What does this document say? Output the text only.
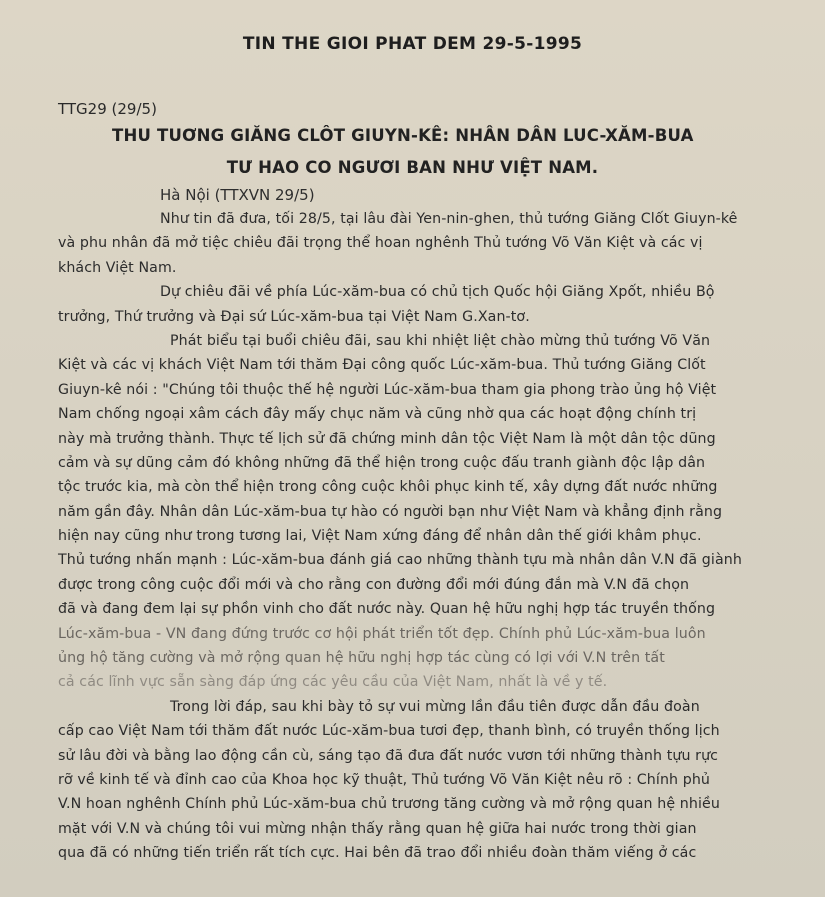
TIN THE GIOI PHAT DEM 29-5-1995
TTG29 (29/5)
THU TUƠNG GIĂNG CLÔT GIUYN-KÊ: NHÂN DÂN LUC-XĂM-BUA
TƯ HAO CO NGƯƠI BAN NHƯ VIỆT NAM.
Hà Nội (TTXVN 29/5)
Như tin đã đưa, tối 28/5, tại lâu đài Yen-nin-ghen, thủ tướng Giăng Clốt Giuyn-kê
và phu nhân đã mở tiệc chiêu đãi trọng thể hoan nghênh Thủ tướng Võ Văn Kiệt và các vị
khách Việt Nam.
Dự chiêu đãi về phía Lúc-xăm-bua có chủ tịch Quốc hội Giăng Xpốt, nhiều Bộ
trưởng, Thứ trưởng và Đại sứ Lúc-xăm-bua tại Việt Nam G.Xan-tơ.
Phát biểu tại buổi chiêu đãi, sau khi nhiệt liệt chào mừng thủ tướng Võ Văn
Kiệt và các vị khách Việt Nam tới thăm Đại công quốc Lúc-xăm-bua. Thủ tướng Giăng Clốt
Giuyn-kê nói : "Chúng tôi thuộc thế hệ người Lúc-xăm-bua tham gia phong trào ủng hộ Việt
Nam chống ngoại xâm cách đây mấy chục năm và cũng nhờ qua các hoạt động chính trị
này mà trưởng thành. Thực tế lịch sử đã chứng minh dân tộc Việt Nam là một dân tộc dũng
cảm và sự dũng cảm đó không những đã thể hiện trong cuộc đấu tranh giành độc lập dân
tộc trước kia, mà còn thể hiện trong công cuộc khôi phục kinh tế, xây dựng đất nước những
năm gần đây. Nhân dân Lúc-xăm-bua tự hào có người bạn như Việt Nam và khẳng định rằng
hiện nay cũng như trong tương lai, Việt Nam xứng đáng để nhân dân thế giới khâm phục.
Thủ tướng nhấn mạnh : Lúc-xăm-bua đánh giá cao những thành tựu mà nhân dân V.N đã giành
được trong công cuộc đổi mới và cho rằng con đường đổi mới đúng đắn mà V.N đã chọn
đã và đang đem lại sự phồn vinh cho đất nước này. Quan hệ hữu nghị hợp tác truyền thống
Lúc-xăm-bua - VN đang đứng trước cơ hội phát triển tốt đẹp. Chính phủ Lúc-xăm-bua luôn
ủng hộ tăng cường và mở rộng quan hệ hữu nghị hợp tác cùng có lợi với V.N trên tất
cả các lĩnh vực sẵn sàng đáp ứng các yêu cầu của Việt Nam, nhất là về y tế.
Trong lời đáp, sau khi bày tỏ sự vui mừng lần đầu tiên được dẫn đầu đoàn
cấp cao Việt Nam tới thăm đất nước Lúc-xăm-bua tươi đẹp, thanh bình, có truyền thống lịch
sử lâu đời và bằng lao động cần cù, sáng tạo đã đưa đất nước vươn tới những thành tựu rực
rỡ về kinh tế và đỉnh cao của Khoa học kỹ thuật, Thủ tướng Võ Văn Kiệt nêu rõ : Chính phủ
V.N hoan nghênh Chính phủ Lúc-xăm-bua chủ trương tăng cường và mở rộng quan hệ nhiều
mặt với V.N và chúng tôi vui mừng nhận thấy rằng quan hệ giữa hai nước trong thời gian
qua đã có những tiến triển rất tích cực. Hai bên đã trao đổi nhiều đoàn thăm viếng ở các
